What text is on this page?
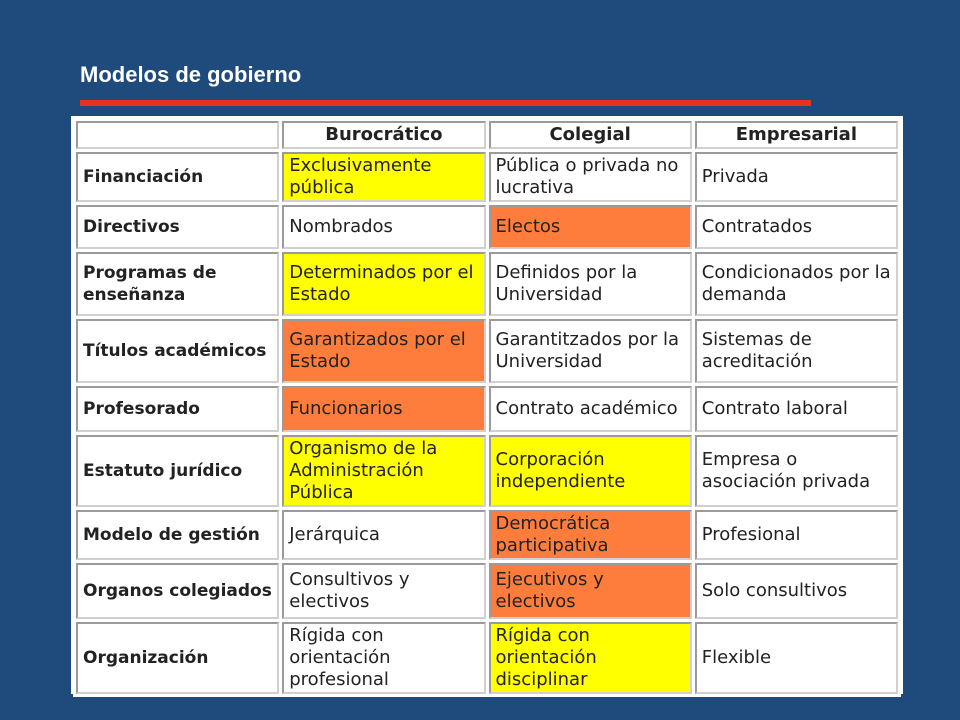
Modelos de gobierno
	Burocrático	Colegial	Empresarial
Financiación	Exclusivamente pública	Pública o privada no lucrativa	Privada
Directivos	Nombrados	Electos	Contratados
Programas de enseñanza	Determinados por el Estado	Definidos por la Universidad	Condicionados por la demanda
Títulos académicos	Garantizados por el Estado	Garantitzados por la Universidad	Sistemas de acreditación
Profesorado	Funcionarios	Contrato académico	Contrato laboral
Estatuto jurídico	Organismo de la Administración Pública	Corporación independiente	Empresa o asociación privada
Modelo de gestión	Jerárquica	Democrática participativa	Profesional
Organos colegiados	Consultivos y electivos	Ejecutivos y electivos	Solo consultivos
Organización	Rígida con orientación profesional	Rígida con orientación disciplinar	Flexible
